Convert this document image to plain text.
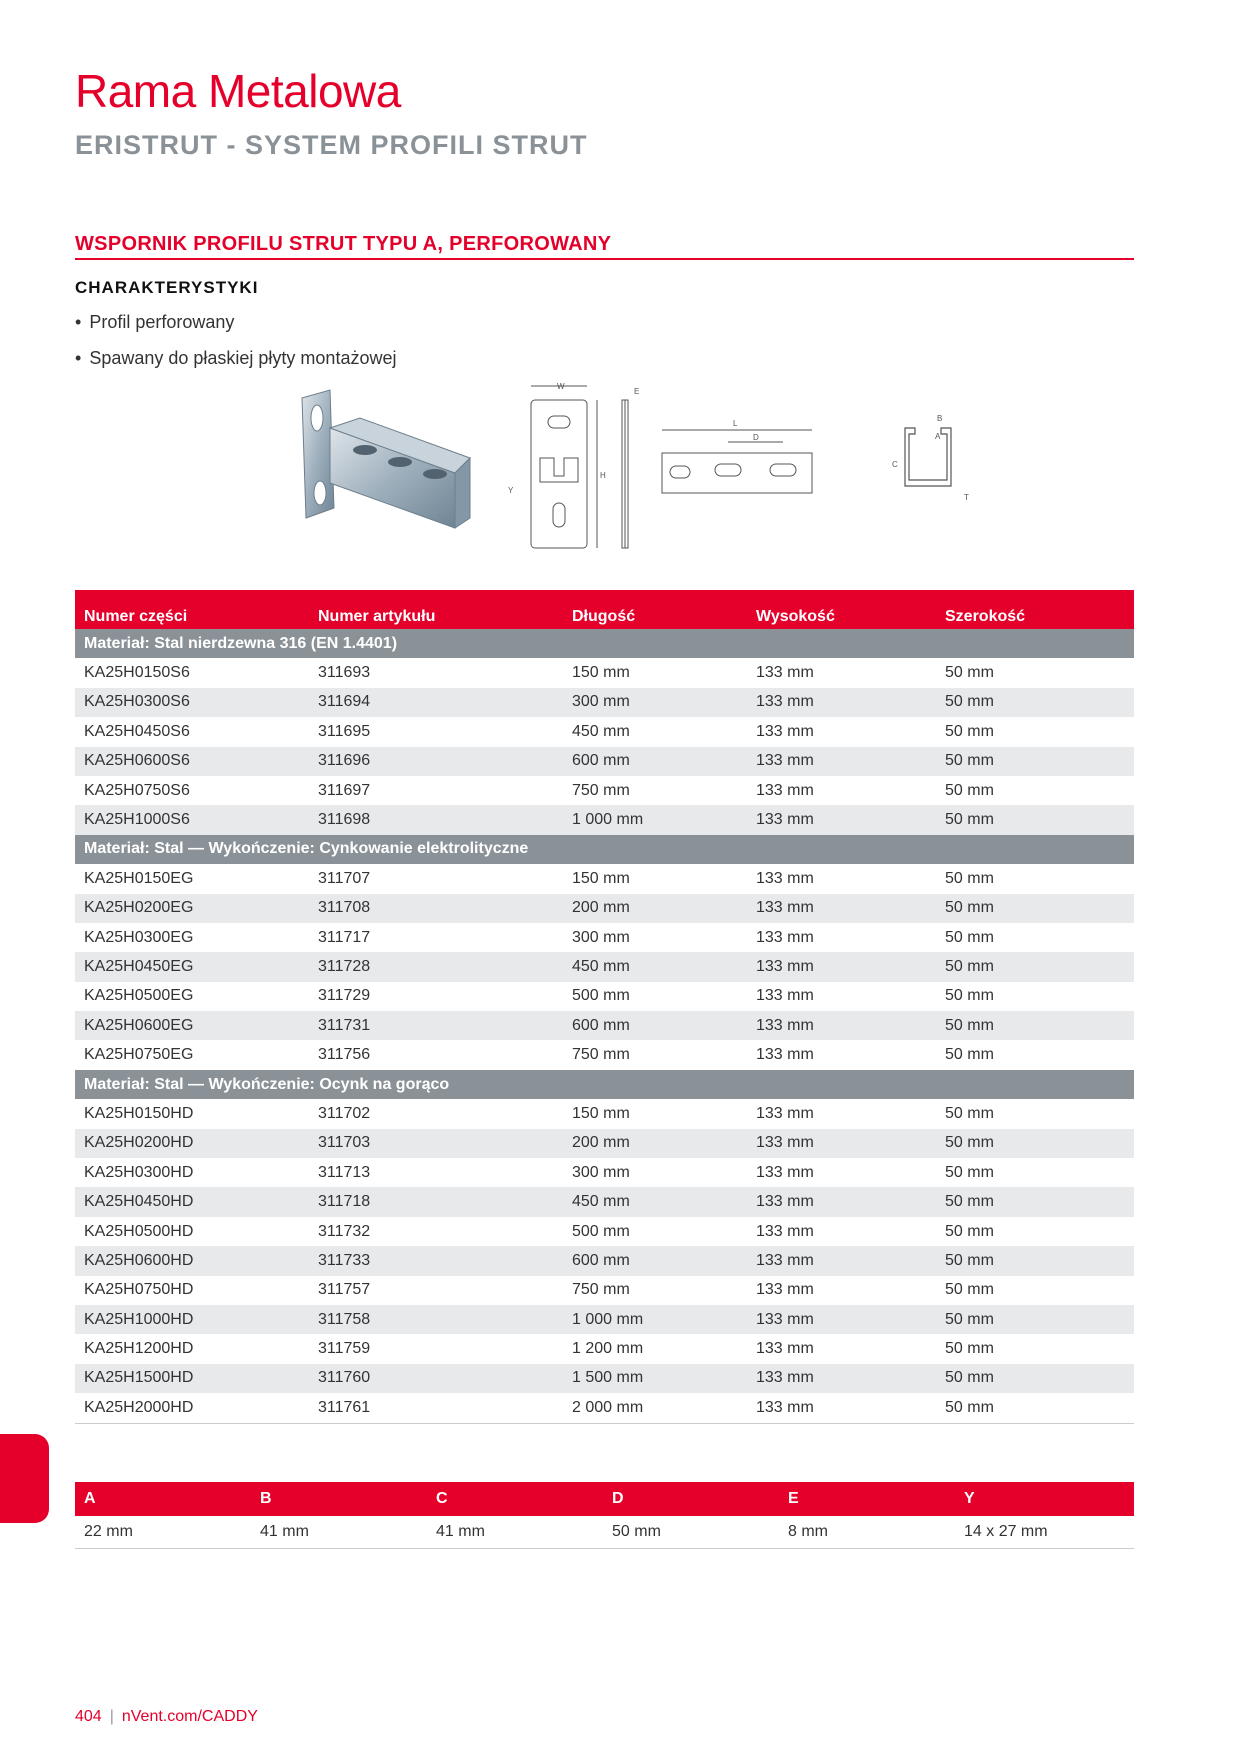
Rama Metalowa
ERISTRUT - SYSTEM PROFILI STRUT
WSPORNIK PROFILU STRUT TYPU A, PERFOROWANY
CHARAKTERYSTYKI
• Profil perforowany
• Spawany do płaskiej płyty montażowej
W
H
Y
E
L
D
B
A
C
T
Numer części	Numer artykułu	Długość	Wysokość	Szerokość
Materiał: Stal nierdzewna 316 (EN 1.4401)				
KA25H0150S6	311693	150 mm	133 mm	50 mm
KA25H0300S6	311694	300 mm	133 mm	50 mm
KA25H0450S6	311695	450 mm	133 mm	50 mm
KA25H0600S6	311696	600 mm	133 mm	50 mm
KA25H0750S6	311697	750 mm	133 mm	50 mm
KA25H1000S6	311698	1 000 mm	133 mm	50 mm
Materiał: Stal — Wykończenie: Cynkowanie elektrolityczne				
KA25H0150EG	311707	150 mm	133 mm	50 mm
KA25H0200EG	311708	200 mm	133 mm	50 mm
KA25H0300EG	311717	300 mm	133 mm	50 mm
KA25H0450EG	311728	450 mm	133 mm	50 mm
KA25H0500EG	311729	500 mm	133 mm	50 mm
KA25H0600EG	311731	600 mm	133 mm	50 mm
KA25H0750EG	311756	750 mm	133 mm	50 mm
Materiał: Stal — Wykończenie: Ocynk na gorąco				
KA25H0150HD	311702	150 mm	133 mm	50 mm
KA25H0200HD	311703	200 mm	133 mm	50 mm
KA25H0300HD	311713	300 mm	133 mm	50 mm
KA25H0450HD	311718	450 mm	133 mm	50 mm
KA25H0500HD	311732	500 mm	133 mm	50 mm
KA25H0600HD	311733	600 mm	133 mm	50 mm
KA25H0750HD	311757	750 mm	133 mm	50 mm
KA25H1000HD	311758	1 000 mm	133 mm	50 mm
KA25H1200HD	311759	1 200 mm	133 mm	50 mm
KA25H1500HD	311760	1 500 mm	133 mm	50 mm
KA25H2000HD	311761	2 000 mm	133 mm	50 mm
A	B	C	D	E	Y
22 mm	41 mm	41 mm	50 mm	8 mm	14 x 27 mm
404 | nVent.com/CADDY
